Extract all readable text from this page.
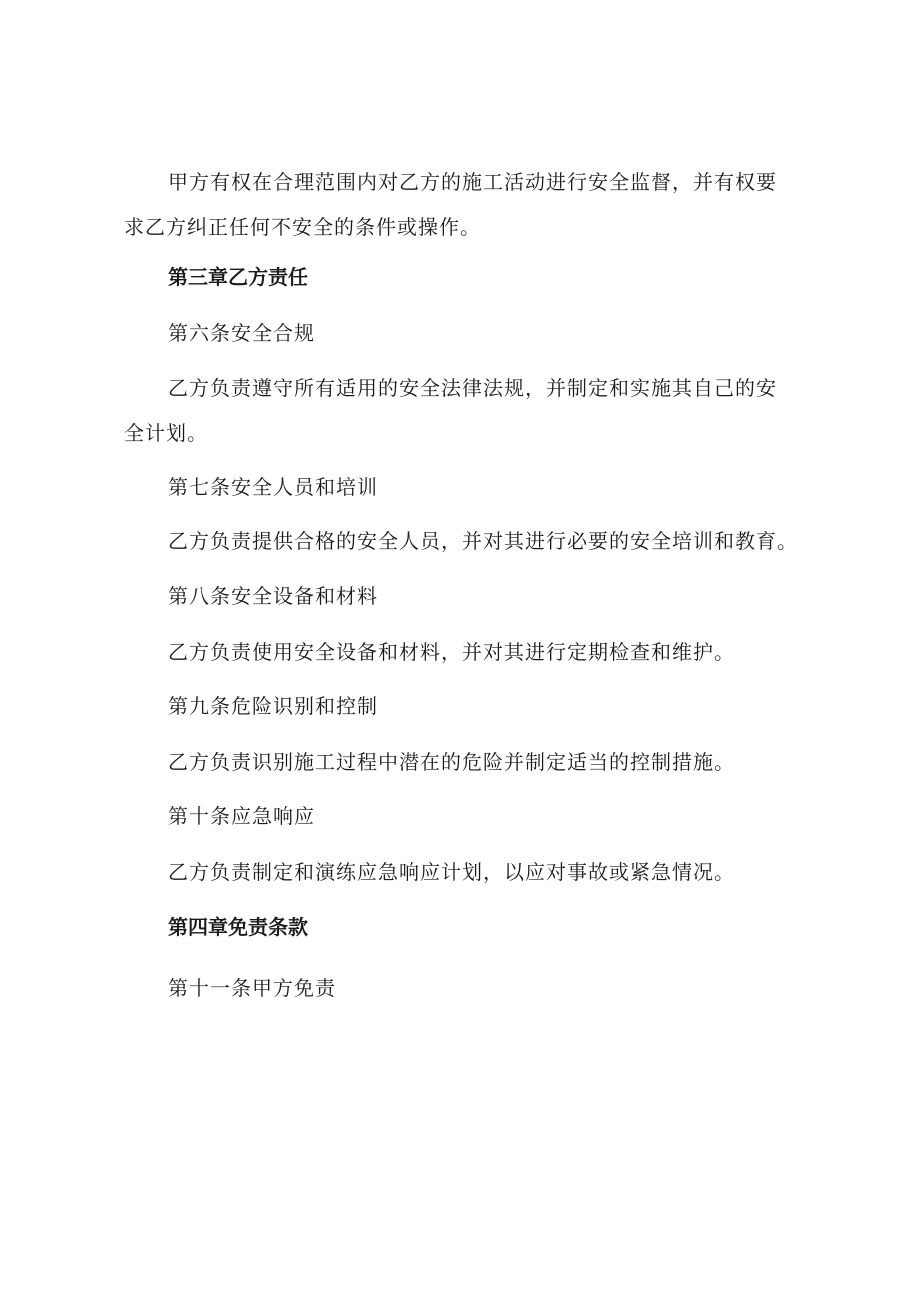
甲方有权在合理范围内对乙方的施工活动进行安全监督，并有权要求乙方纠正任何不安全的条件或操作。

第三章乙方责任

第六条安全合规

乙方负责遵守所有适用的安全法律法规，并制定和实施其自己的安全计划。

第七条安全人员和培训

乙方负责提供合格的安全人员，并对其进行必要的安全培训和教育。

第八条安全设备和材料

乙方负责使用安全设备和材料，并对其进行定期检查和维护。

第九条危险识别和控制

乙方负责识别施工过程中潜在的危险并制定适当的控制措施。

第十条应急响应

乙方负责制定和演练应急响应计划，以应对事故或紧急情况。

第四章免责条款

第十一条甲方免责
